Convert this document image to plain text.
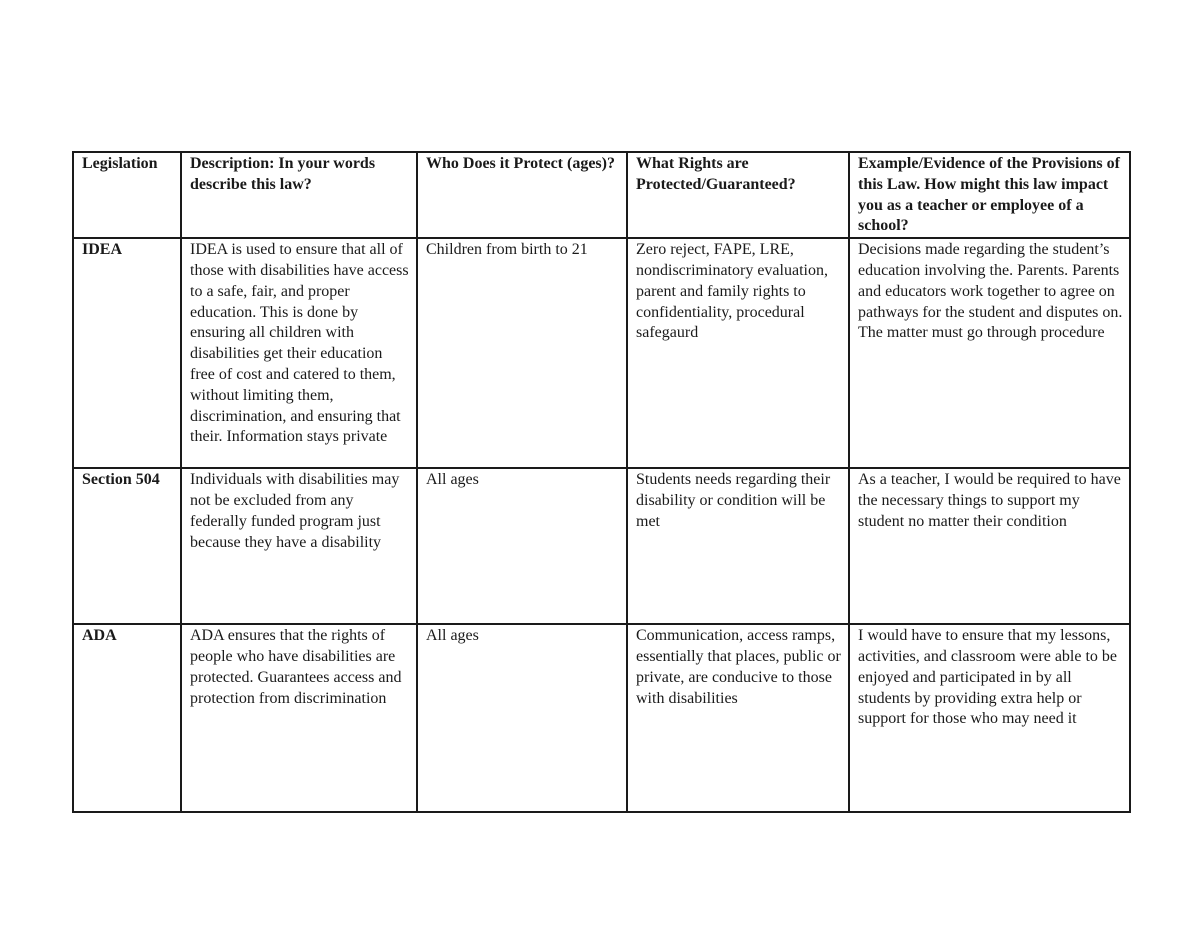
Legislation	Description: In your words describe this law?	Who Does it Protect (ages)?	What Rights are Protected/Guaranteed?	Example/Evidence of the Provisions of this Law. How might this law impact you as a teacher or employee of a school?
IDEA	IDEA is used to ensure that all of those with disabilities have access to a safe, fair, and proper education. This is done by ensuring all children with disabilities get their education free of cost and catered to them, without limiting them, discrimination, and ensuring that their. Information stays private	Children from birth to 21	Zero reject, FAPE, LRE, nondiscriminatory evaluation, parent and family rights to confidentiality, procedural safegaurd	Decisions made regarding the student’s education involving the. Parents. Parents and educators work together to agree on pathways for the student and disputes on. The matter must go through procedure
Section 504	Individuals with disabilities may not be excluded from any federally funded program just because they have a disability	All ages	Students needs regarding their disability or condition will be met	As a teacher, I would be required to have the necessary things to support my student no matter their condition
ADA	ADA ensures that the rights of people who have disabilities are protected. Guarantees access and protection from discrimination	All ages	Communication, access ramps, essentially that places, public or private, are conducive to those with disabilities	I would have to ensure that my lessons, activities, and classroom were able to be enjoyed and participated in by all students by providing extra help or support for those who may need it
